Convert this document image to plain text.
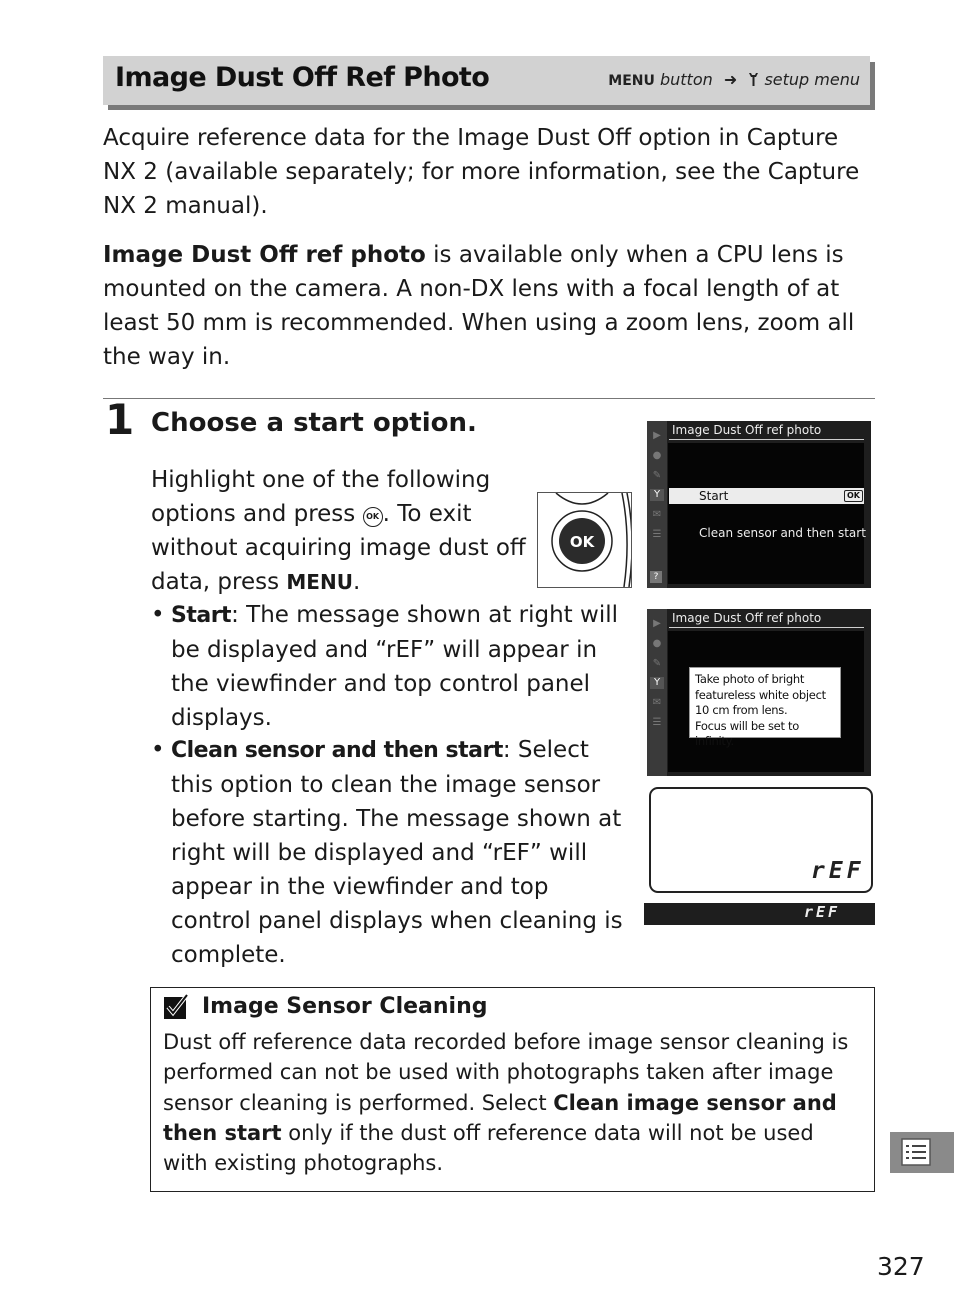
Image Dust Off Ref Photo	MENU button ➜ setup menu
Acquire reference data for the Image Dust Off option in Capture NX 2 (available separately; for more information, see the Capture NX 2 manual).
Image Dust Off ref photo is available only when a CPU lens is mounted on the camera. A non-DX lens with a focal length of at least 50 mm is recommended. When using a zoom lens, zoom all the way in.
1 Choose a start option.
Highlight one of the following options and press OK . To exit without acquiring image dust off data, press MENU.
• Start: The message shown at right will be displayed and “rEF” will appear in the viewfinder and top control panel displays.
• Clean sensor and then start: Select this option to clean the image sensor before starting. The message shown at right will be displayed and “rEF” will appear in the viewfinder and top control panel displays when cleaning is complete.
OK
▶
●
✎
Y
✉
☰
Image Dust Off ref photo
Start	OK
Clean sensor and then start
?
▶
●
✎
Y
✉
☰
Image Dust Off ref photo
Take photo of bright
featureless white object
10 cm from lens.
Focus will be set to infinity.
rEF
rEF
Image Sensor Cleaning
Dust off reference data recorded before image sensor cleaning is performed can not be used with photographs taken after image sensor cleaning is performed. Select Clean image sensor and then start only if the dust off reference data will not be used with existing photographs.
327
